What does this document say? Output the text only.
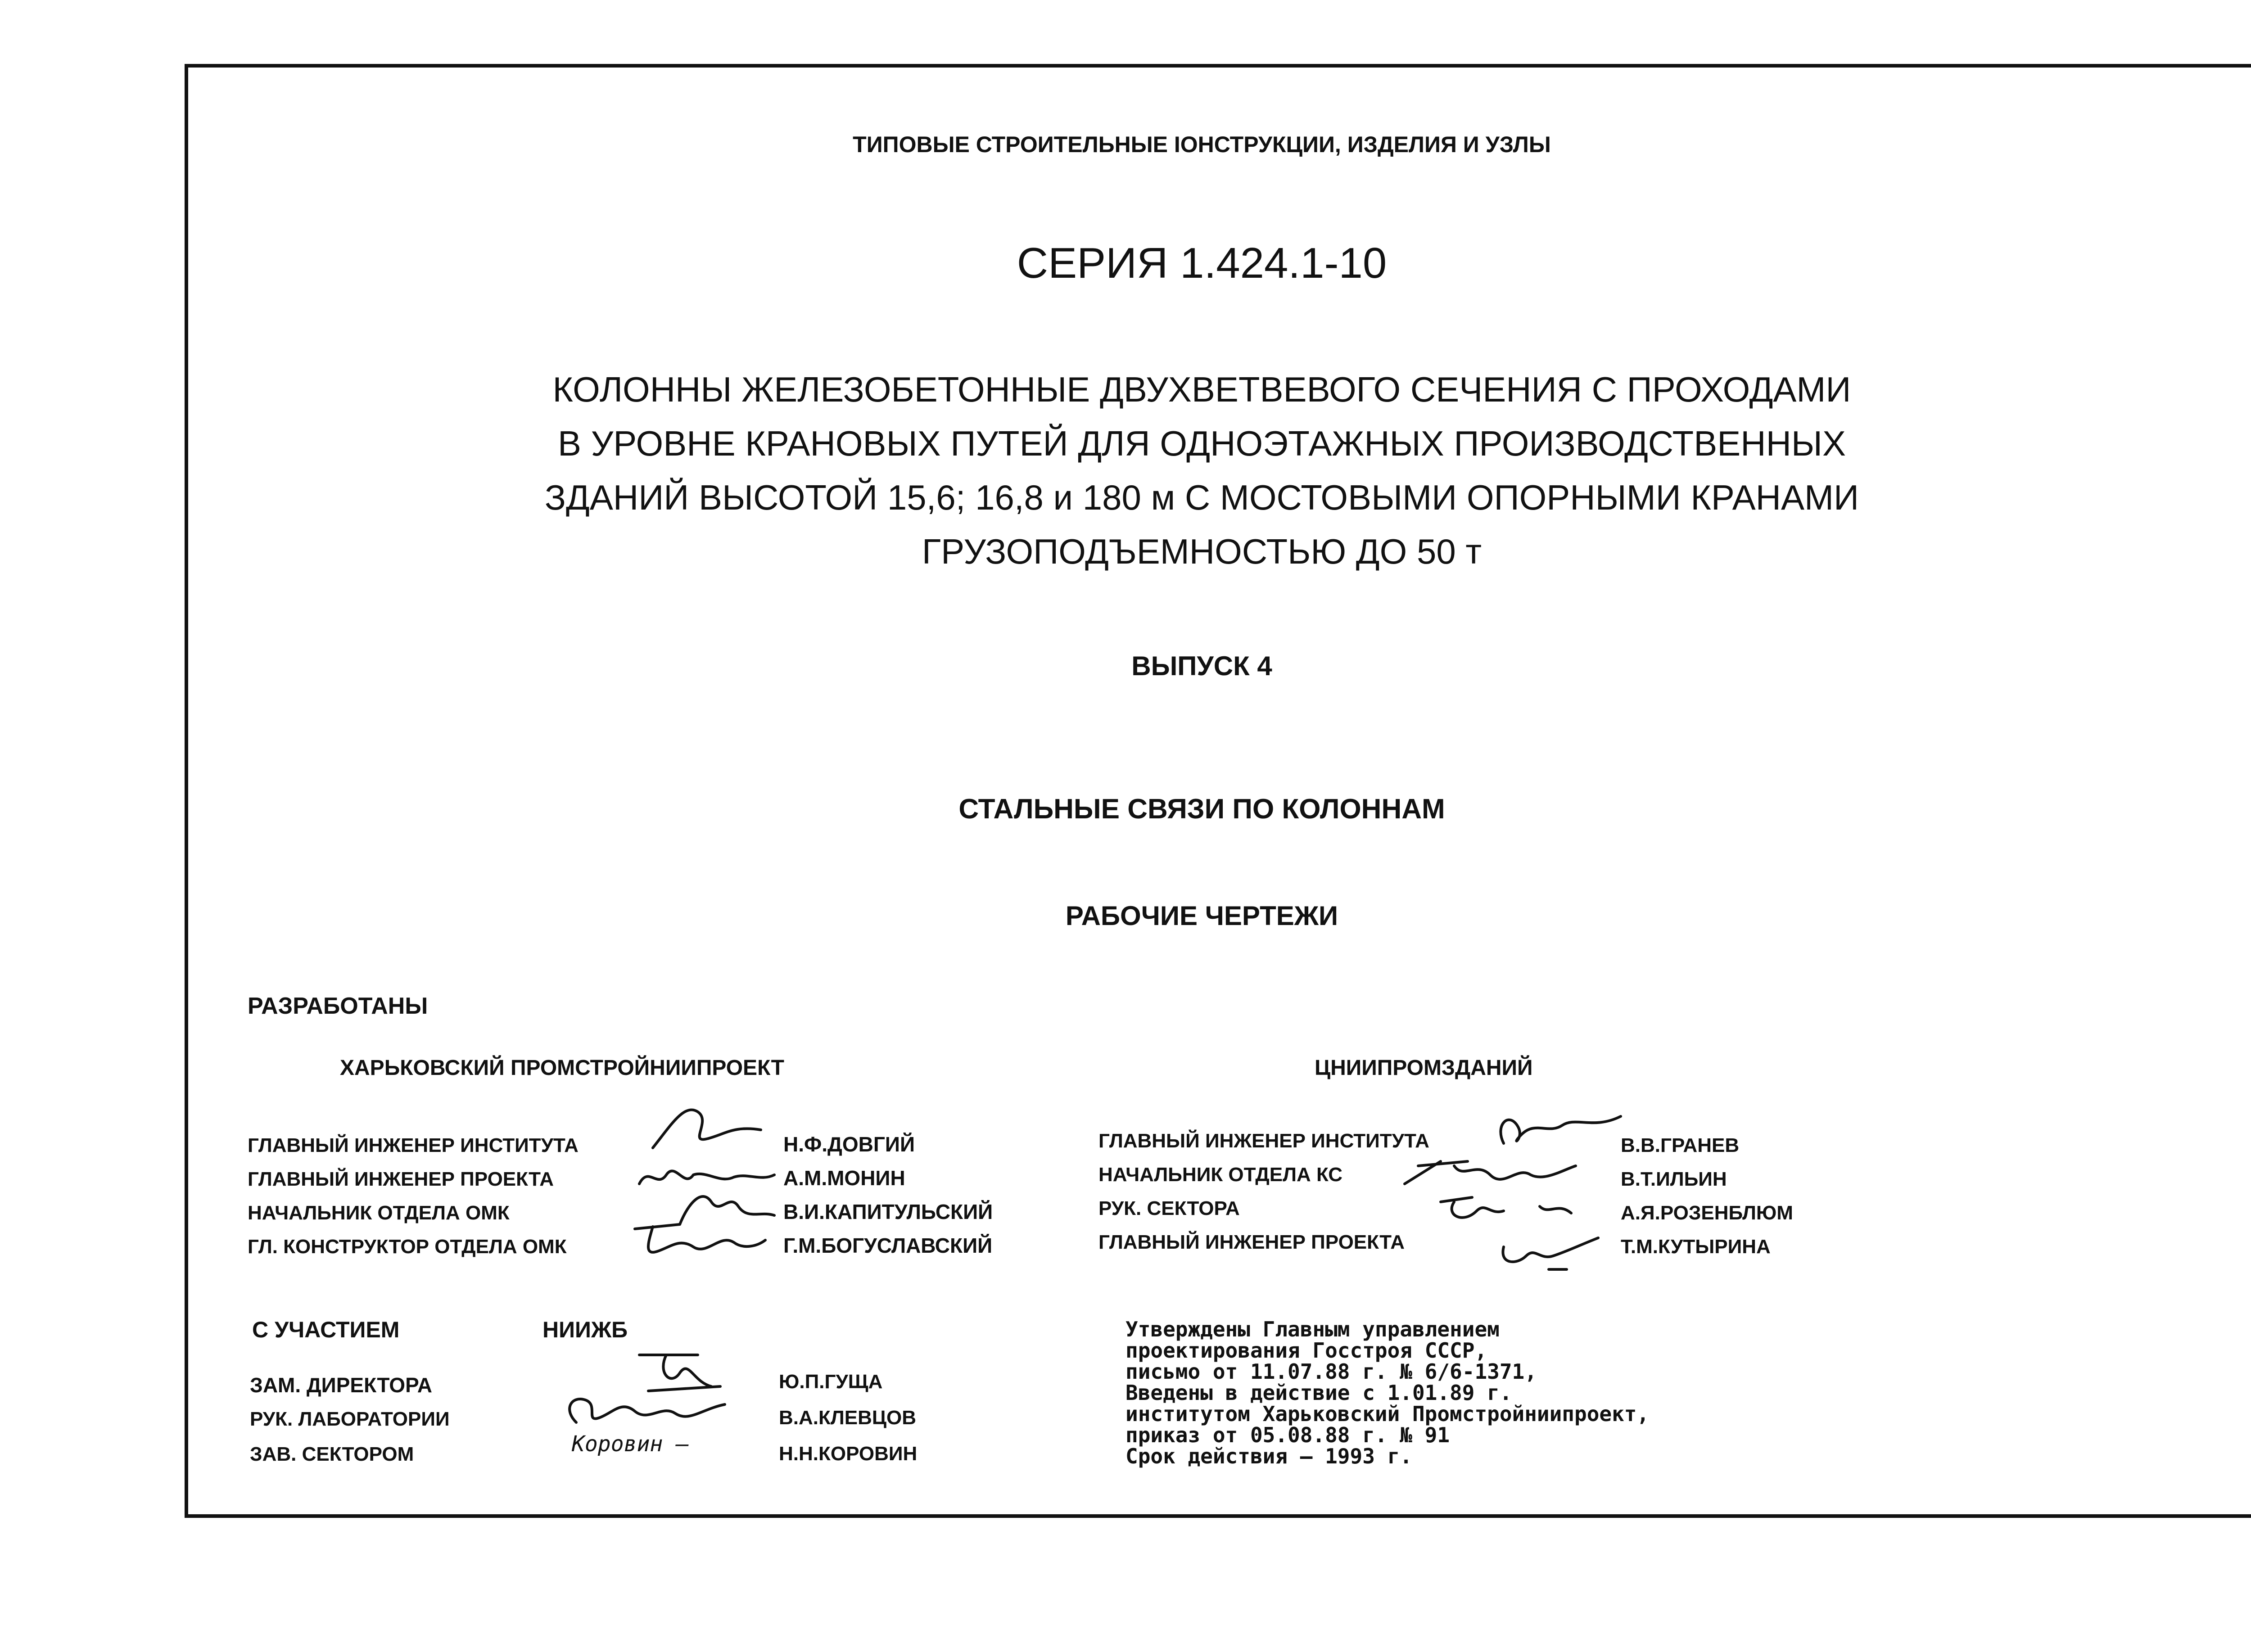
ТИПОВЫЕ СТРОИТЕЛЬНЫЕ ІОНСТРУКЦИИ, ИЗДЕЛИЯ И УЗЛЫ
СЕРИЯ 1.424.1-10
КОЛОННЫ ЖЕЛЕЗОБЕТОННЫЕ ДВУХВЕТВЕВОГО СЕЧЕНИЯ С ПРОХОДАМИ
В УРОВНЕ КРАНОВЫХ ПУТЕЙ ДЛЯ ОДНОЭТАЖНЫХ ПРОИЗВОДСТВЕННЫХ
ЗДАНИЙ ВЫСОТОЙ 15,6; 16,8 и 180 м С МОСТОВЫМИ ОПОРНЫМИ КРАНАМИ
ГРУЗОПОДЪЕМНОСТЬЮ ДО 50 т
ВЫПУСК 4
СТАЛЬНЫЕ СВЯЗИ ПО КОЛОННАМ
РАБОЧИЕ ЧЕРТЕЖИ
РАЗРАБОТАНЫ
ХАРЬКОВСКИЙ ПРОМСТРОЙНИИПРОЕКТ
ГЛАВНЫЙ ИНЖЕНЕР ИНСТИТУТА
ГЛАВНЫЙ ИНЖЕНЕР ПРОЕКТА
НАЧАЛЬНИК ОТДЕЛА ОМК
ГЛ. КОНСТРУКТОР ОТДЕЛА ОМК
Н.Ф.ДОВГИЙ
А.М.МОНИН
В.И.КАПИТУЛЬСКИЙ
Г.М.БОГУСЛАВСКИЙ
ЦНИИПРОМЗДАНИЙ
ГЛАВНЫЙ ИНЖЕНЕР ИНСТИТУТА
НАЧАЛЬНИК ОТДЕЛА КС
РУК. СЕКТОРА
ГЛАВНЫЙ ИНЖЕНЕР ПРОЕКТА
В.В.ГРАНЕВ
В.Т.ИЛЬИН
А.Я.РОЗЕНБЛЮМ
Т.М.КУТЫРИНА
С УЧАСТИЕМ	НИИЖБ
ЗАМ. ДИРЕКТОРА
РУК. ЛАБОРАТОРИИ
ЗАВ. СЕКТОРОМ
Ю.П.ГУЩА
В.А.КЛЕВЦОВ
Н.Н.КОРОВИН
Коровин —
Утверждены Главным управлением
проектирования Госстроя СССР,
письмо от 11.07.88 г. № 6/6-1371,
Введены в действие с 1.01.89 г.
институтом Харьковский Промстройниипроект,
приказ от 05.08.88 г. № 91
Срок действия — 1993 г.
